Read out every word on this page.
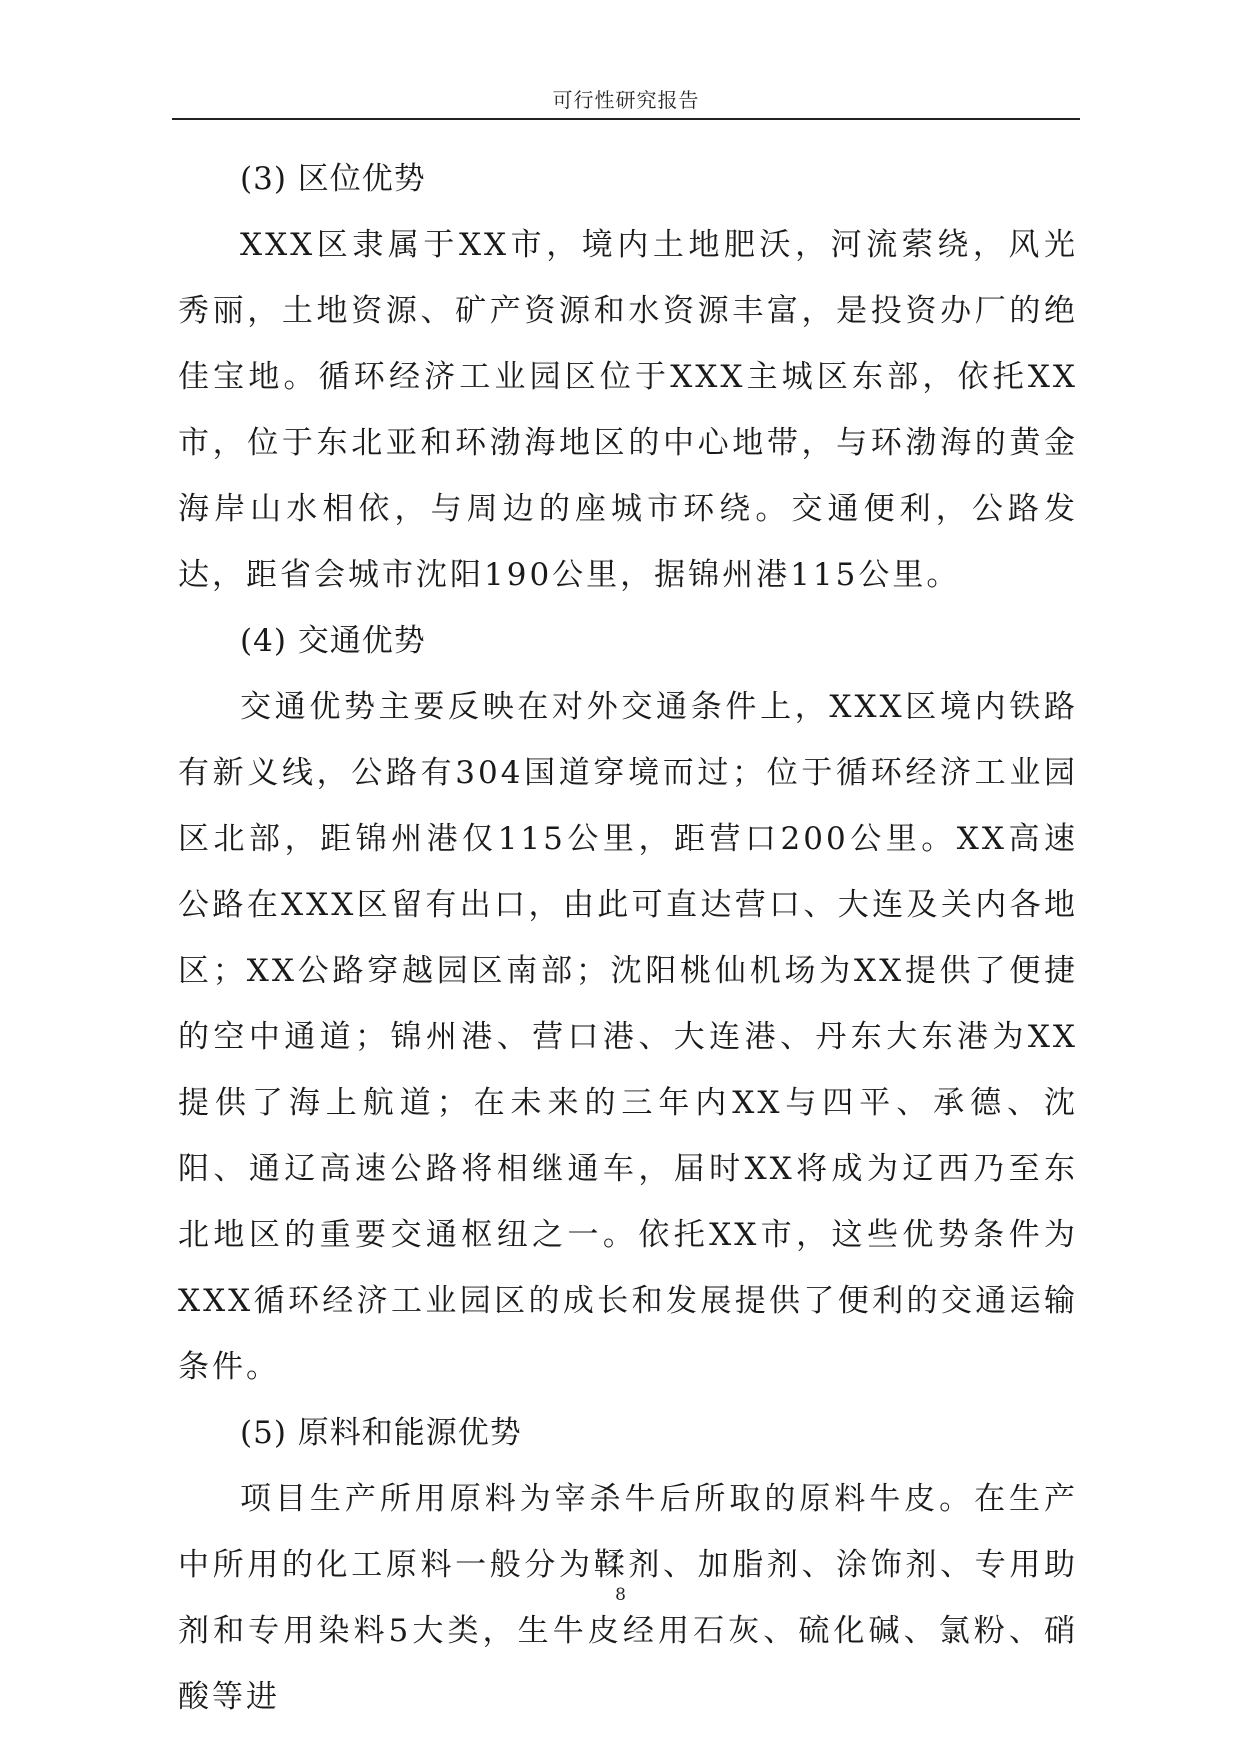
可行性研究报告
(3) 区位优势
XXX区隶属于XX市，境内土地肥沃，河流萦绕，风光秀丽，土地资源、矿产资源和水资源丰富，是投资办厂的绝佳宝地。循环经济工业园区位于XXX主城区东部，依托XX市，位于东北亚和环渤海地区的中心地带，与环渤海的黄金海岸山水相依，与周边的座城市环绕。交通便利，公路发达，距省会城市沈阳190公里，据锦州港115公里。
(4) 交通优势
交通优势主要反映在对外交通条件上，XXX区境内铁路有新义线，公路有304国道穿境而过；位于循环经济工业园区北部，距锦州港仅115公里，距营口200公里。XX高速公路在XXX区留有出口，由此可直达营口、大连及关内各地区；XX公路穿越园区南部；沈阳桃仙机场为XX提供了便捷的空中通道；锦州港、营口港、大连港、丹东大东港为XX提供了海上航道；在未来的三年内XX与四平、承德、沈阳、通辽高速公路将相继通车，届时XX将成为辽西乃至东北地区的重要交通枢纽之一。依托XX市，这些优势条件为XXX循环经济工业园区的成长和发展提供了便利的交通运输条件。
(5) 原料和能源优势
项目生产所用原料为宰杀牛后所取的原料牛皮。在生产中所用的化工原料一般分为鞣剂、加脂剂、涂饰剂、专用助剂和专用染料5大类，生牛皮经用石灰、硫化碱、氯粉、硝酸等进
8
